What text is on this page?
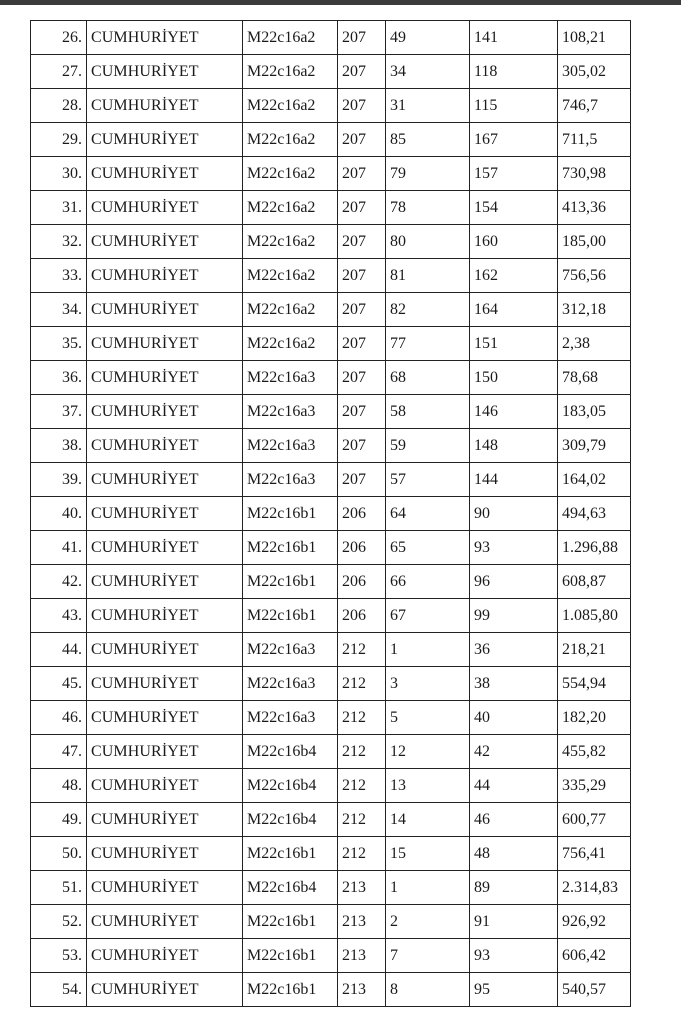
26.	CUMHURİYET	M22c16a2	207	49	141	108,21
27.	CUMHURİYET	M22c16a2	207	34	118	305,02
28.	CUMHURİYET	M22c16a2	207	31	115	746,7
29.	CUMHURİYET	M22c16a2	207	85	167	711,5
30.	CUMHURİYET	M22c16a2	207	79	157	730,98
31.	CUMHURİYET	M22c16a2	207	78	154	413,36
32.	CUMHURİYET	M22c16a2	207	80	160	185,00
33.	CUMHURİYET	M22c16a2	207	81	162	756,56
34.	CUMHURİYET	M22c16a2	207	82	164	312,18
35.	CUMHURİYET	M22c16a2	207	77	151	2,38
36.	CUMHURİYET	M22c16a3	207	68	150	78,68
37.	CUMHURİYET	M22c16a3	207	58	146	183,05
38.	CUMHURİYET	M22c16a3	207	59	148	309,79
39.	CUMHURİYET	M22c16a3	207	57	144	164,02
40.	CUMHURİYET	M22c16b1	206	64	90	494,63
41.	CUMHURİYET	M22c16b1	206	65	93	1.296,88
42.	CUMHURİYET	M22c16b1	206	66	96	608,87
43.	CUMHURİYET	M22c16b1	206	67	99	1.085,80
44.	CUMHURİYET	M22c16a3	212	1	36	218,21
45.	CUMHURİYET	M22c16a3	212	3	38	554,94
46.	CUMHURİYET	M22c16a3	212	5	40	182,20
47.	CUMHURİYET	M22c16b4	212	12	42	455,82
48.	CUMHURİYET	M22c16b4	212	13	44	335,29
49.	CUMHURİYET	M22c16b4	212	14	46	600,77
50.	CUMHURİYET	M22c16b1	212	15	48	756,41
51.	CUMHURİYET	M22c16b4	213	1	89	2.314,83
52.	CUMHURİYET	M22c16b1	213	2	91	926,92
53.	CUMHURİYET	M22c16b1	213	7	93	606,42
54.	CUMHURİYET	M22c16b1	213	8	95	540,57
